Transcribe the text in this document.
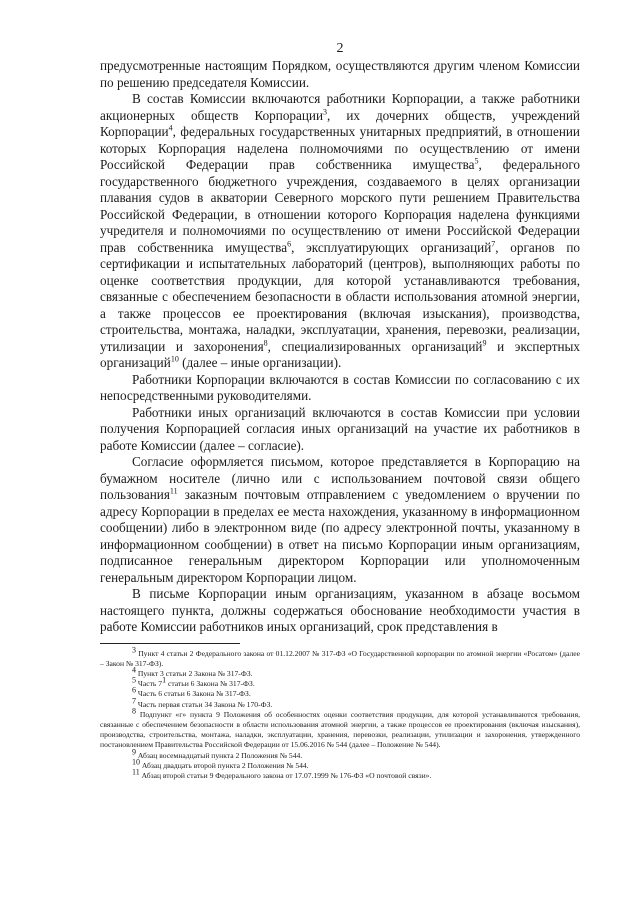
2

предусмотренные настоящим Порядком, осуществляются другим членом Комиссии по решению председателя Комиссии.

В состав Комиссии включаются работники Корпорации, а также работники акционерных обществ Корпорации$^3$, их дочерних обществ, учреждений Корпорации$^4$, федеральных государственных унитарных предприятий, в отношении которых Корпорация наделена полномочиями по осуществлению от имени Российской Федерации прав собственника имущества$^5$, федерального государственного бюджетного учреждения, создаваемого в целях организации плавания судов в акватории Северного морского пути решением Правительства Российской Федерации, в отношении которого Корпорация наделена функциями учредителя и полномочиями по осуществлению от имени Российской Федерации прав собственника имущества$^6$, эксплуатирующих организаций$^7$, органов по сертификации и испытательных лабораторий (центров), выполняющих работы по оценке соответствия продукции, для которой устанавливаются требования, связанные с обеспечением безопасности в области использования атомной энергии, а также процессов ее проектирования (включая изыскания), производства, строительства, монтажа, наладки, эксплуатации, хранения, перевозки, реализации, утилизации и захоронения$^8$, специализированных организаций$^9$ и экспертных организаций$^{10}$ (далее – иные организации).

Работники Корпорации включаются в состав Комиссии по согласованию с их непосредственными руководителями.

Работники иных организаций включаются в состав Комиссии при условии получения Корпорацией согласия иных организаций на участие их работников в работе Комиссии (далее – согласие).

Согласие оформляется письмом, которое представляется в Корпорацию на бумажном носителе (лично или с использованием почтовой связи общего пользования$^{11}$ заказным почтовым отправлением с уведомлением о вручении по адресу Корпорации в пределах ее места нахождения, указанному в информационном сообщении) либо в электронном виде (по адресу электронной почты, указанному в информационном сообщении) в ответ на письмо Корпорации иным организациям, подписанное генеральным директором Корпорации или уполномоченным генеральным директором Корпорации лицом.

В письме Корпорации иным организациям, указанном в абзаце восьмом настоящего пункта, должны содержаться обоснование необходимости участия в работе Комиссии работников иных организаций, срок представления в

$^3$ Пункт 4 статьи 2 Федерального закона от 01.12.2007 № 317-ФЗ «О Государственной корпорации по атомной энергии «Росатом» (далее – Закон № 317-ФЗ).

$^4$ Пункт 3 статьи 2 Закона № 317-ФЗ.

$^5$ Часть $7^1$ статьи 6 Закона № 317-ФЗ.

$^6$ Часть 6 статьи 6 Закона № 317-ФЗ.

$^7$ Часть первая статьи 34 Закона № 170-ФЗ.

$^8$ Подпункт «г» пункта 9 Положения об особенностях оценки соответствия продукции, для которой устанавливаются требования, связанные с обеспечением безопасности в области использования атомной энергии, а также процессов ее проектирования (включая изыскания), производства, строительства, монтажа, наладки, эксплуатации, хранения, перевозки, реализации, утилизации и захоронения, утвержденного постановлением Правительства Российской Федерации от 15.06.2016 № 544 (далее – Положение № 544).

$^9$ Абзац восемнадцатый пункта 2 Положения № 544.

$^{10}$ Абзац двадцать второй пункта 2 Положения № 544.

$^{11}$ Абзац второй статьи 9 Федерального закона от 17.07.1999 № 176-ФЗ «О почтовой связи».
